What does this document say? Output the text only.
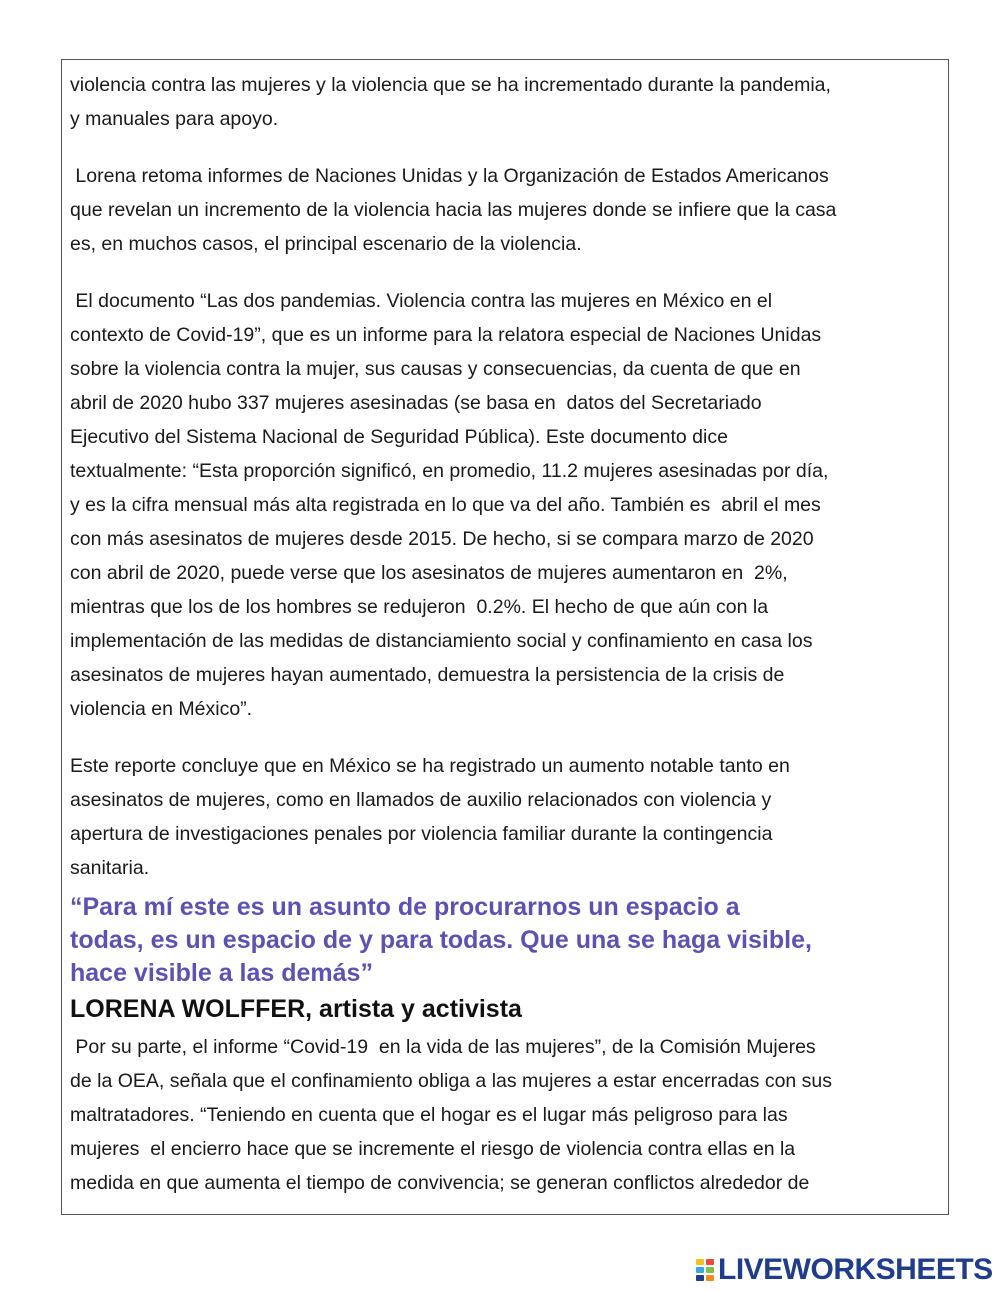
violencia contra las mujeres y la violencia que se ha incrementado durante la pandemia,
y manuales para apoyo.

Lorena retoma informes de Naciones Unidas y la Organización de Estados Americanos
que revelan un incremento de la violencia hacia las mujeres donde se infiere que la casa
es, en muchos casos, el principal escenario de la violencia.

El documento “Las dos pandemias. Violencia contra las mujeres en México en el
contexto de Covid-19”, que es un informe para la relatora especial de Naciones Unidas
sobre la violencia contra la mujer, sus causas y consecuencias, da cuenta de que en
abril de 2020 hubo 337 mujeres asesinadas (se basa en  datos del Secretariado
Ejecutivo del Sistema Nacional de Seguridad Pública). Este documento dice
textualmente: “Esta proporción significó, en promedio, 11.2 mujeres asesinadas por día,
y es la cifra mensual más alta registrada en lo que va del año. También es  abril el mes
con más asesinatos de mujeres desde 2015. De hecho, si se compara marzo de 2020
con abril de 2020, puede verse que los asesinatos de mujeres aumentaron en  2%,
mientras que los de los hombres se redujeron  0.2%. El hecho de que aún con la
implementación de las medidas de distanciamiento social y confinamiento en casa los
asesinatos de mujeres hayan aumentado, demuestra la persistencia de la crisis de
violencia en México”.

Este reporte concluye que en México se ha registrado un aumento notable tanto en
asesinatos de mujeres, como en llamados de auxilio relacionados con violencia y
apertura de investigaciones penales por violencia familiar durante la contingencia
sanitaria.

“Para mí este es un asunto de procurarnos un espacio a
todas, es un espacio de y para todas. Que una se haga visible,
hace visible a las demás”

LORENA WOLFFER, artista y activista

Por su parte, el informe “Covid-19  en la vida de las mujeres”, de la Comisión Mujeres
de la OEA, señala que el confinamiento obliga a las mujeres a estar encerradas con sus
maltratadores. “Teniendo en cuenta que el hogar es el lugar más peligroso para las
mujeres  el encierro hace que se incremente el riesgo de violencia contra ellas en la
medida en que aumenta el tiempo de convivencia; se generan conflictos alrededor de

LIVEWORKSHEETS
